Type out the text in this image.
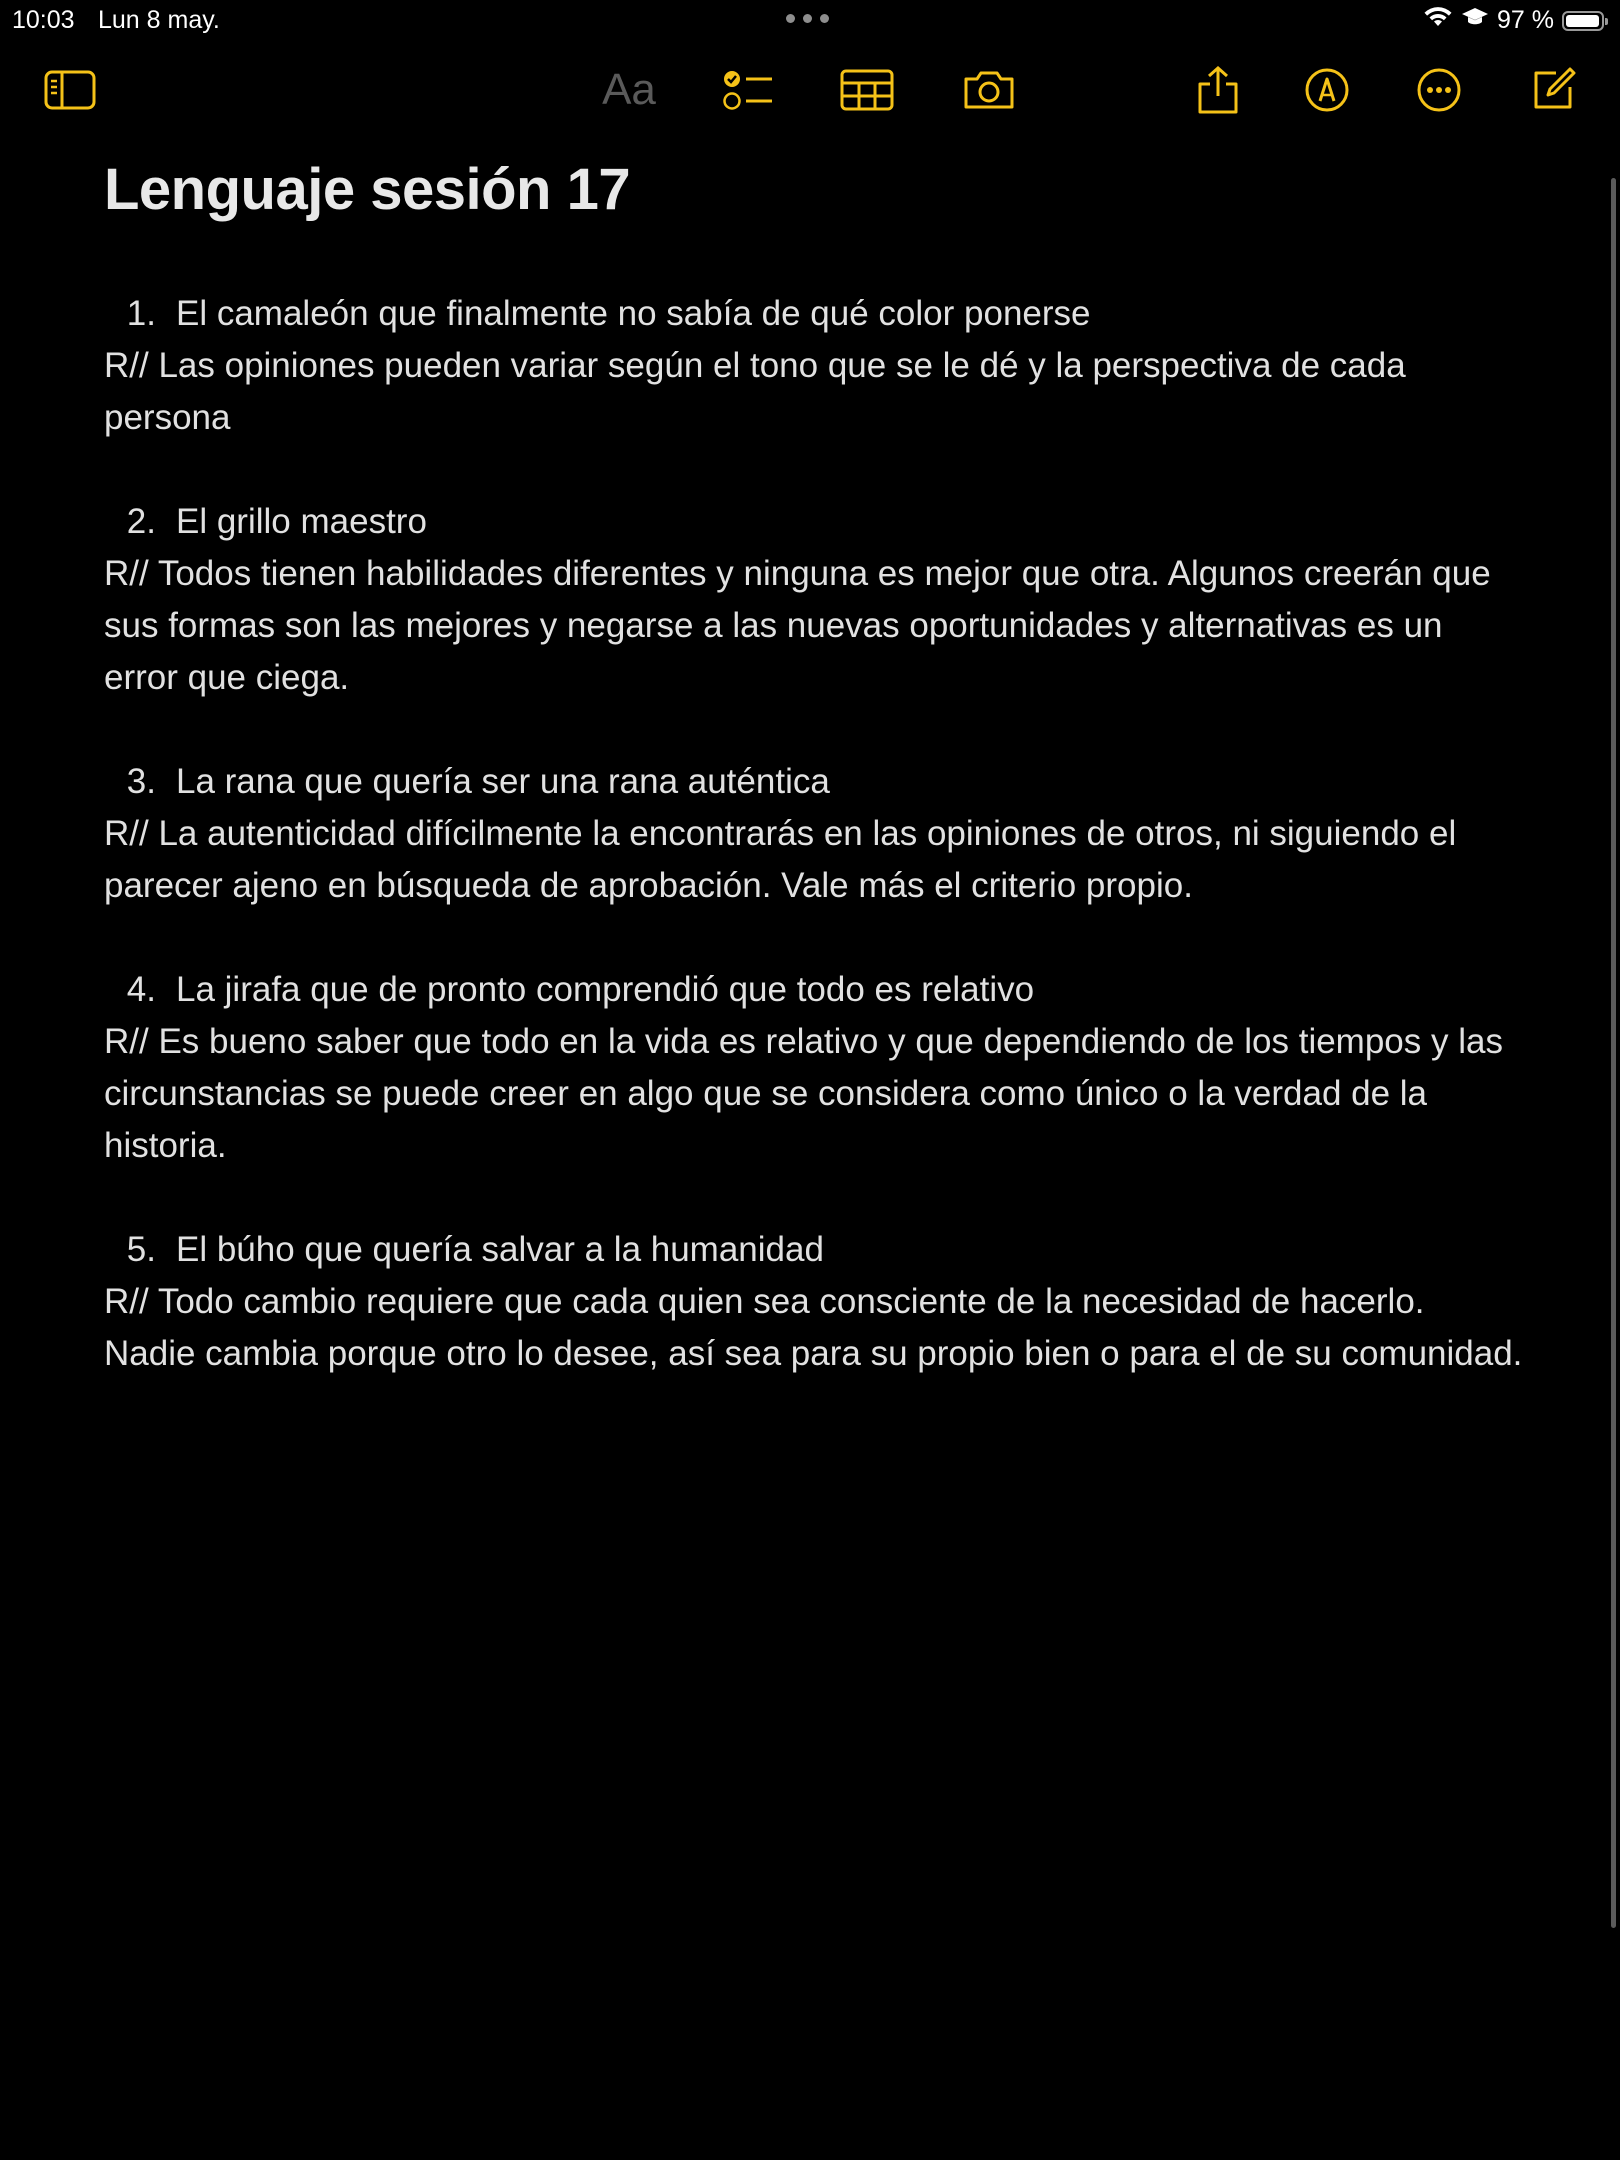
10:03 Lun 8 may.	97 %
Aa
Lenguaje sesión 17
1. El camaleón que finalmente no sabía de qué color ponerse
R// Las opiniones pueden variar según el tono que se le dé y la perspectiva de cada persona
2. El grillo maestro
R// Todos tienen habilidades diferentes y ninguna es mejor que otra. Algunos creerán que sus formas son las mejores y negarse a las nuevas oportunidades y alternativas es un error que ciega.
3. La rana que quería ser una rana auténtica
R// La autenticidad difícilmente la encontrarás en las opiniones de otros, ni siguiendo el parecer ajeno en búsqueda de aprobación. Vale más el criterio propio.
4. La jirafa que de pronto comprendió que todo es relativo
R// Es bueno saber que todo en la vida es relativo y que dependiendo de los tiempos y las circunstancias se puede creer en algo que se considera como único o la verdad de la historia.
5. El búho que quería salvar a la humanidad
R// Todo cambio requiere que cada quien sea consciente de la necesidad de hacerlo. Nadie cambia porque otro lo desee, así sea para su propio bien o para el de su comunidad.
